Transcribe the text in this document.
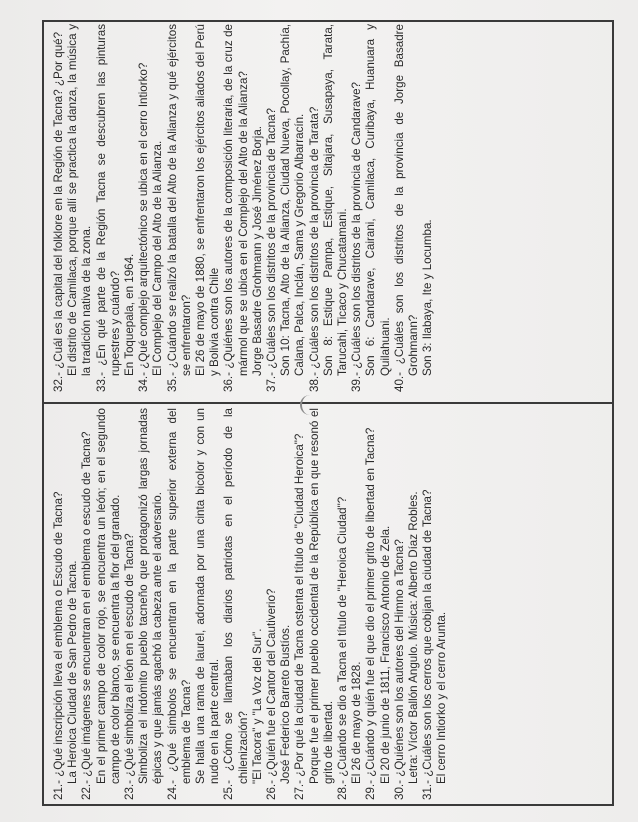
21.- ¿Qué inscripción lleva el emblema o Escudo de Tacna? La Heroica Ciudad de San Pedro de Tacna. 22.- ¿Qué imágenes se encuentran en el emblema o escudo de Tacna? En el primer campo de color rojo, se encuentra un león; en el segundo campo de color blanco, se encuentra la flor del granado. 23.- ¿Qué simboliza el león en el escudo de Tacna? Simboliza el indómito pueblo tacneño que protagonizó largas jornadas épicas y que jamás agachó la cabeza ante el adversario. 24.- ¿Qué símbolos se encuentran en la parte superior externa del emblema de Tacna? Se halla una rama de laurel, adornada por una cinta bicolor y con un nudo en la parte central. 25.- ¿Cómo se llamaban los diarios patriotas en el período de la chilenización? "El Tacora" y "La Voz del Sur". 26.- ¿Quién fue el Cantor del Cautiverio? José Federico Barreto Bustíos. 27.- ¿Por qué la ciudad de Tacna ostenta el título de "Ciudad Heroica"? Porque fue el primer pueblo occidental de la República en que resonó el grito de libertad. 28.- ¿Cuándo se dio a Tacna el título de "Heroica Ciudad"? El 26 de mayo de 1828. 29.- ¿Cuándo y quién fue el que dio el primer grito de libertad en Tacna? El 20 de junio de 1811, Francisco Antonio de Zela. 30.- ¿Quiénes son los autores del Himno a Tacna? Letra: Víctor Ballón Angulo. Música: Alberto Díaz Robles. 31.- ¿Cuáles son los cerros que cobijan la ciudad de Tacna? El cerro Intiorko y el cerro Arunta.
32.- ¿Cuál es la capital del folklore en la Región de Tacna? ¿Por qué? El distrito de Camilaca, porque allí se practica la danza, la música y la tradición nativa de la zona. 33.- ¿En qué parte de la Región Tacna se descubren las pinturas rupestres y cuándo? En Toquepala, en 1964. 34.- ¿Qué complejo arquitectónico se ubica en el cerro Intiorko? El Complejo del Campo del Alto de la Alianza. 35.- ¿Cuándo se realizó la batalla del Alto de la Alianza y qué ejércitos se enfrentaron? El 26 de mayo de 1880, se enfrentaron los ejércitos aliados del Perú y Bolivia contra Chile 36.- ¿Quiénes son los autores de la composición literaria, de la cruz de mármol que se ubica en el Complejo del Alto de la Alianza? Jorge Basadre Grohmann y José Jiménez Borja. 37.- ¿Cuáles son los distritos de la provincia de Tacna? Son 10: Tacna, Alto de la Alianza, Ciudad Nueva, Pocollay, Pachía, Calana, Palca, Inclán, Sama y Gregorio Albarracín. 38.- ¿Cuáles son los distritos de la provincia de Tarata? Son 8: Estique Pampa, Estique, Sitajara, Susapaya, Tarata, Tarucahi, Ticaco y Chucatamani. 39.- ¿Cuáles son los distritos de la provincia de Candarave? Son 6: Candarave, Cairani, Camilaca, Curibaya, Huanuara y Quilahuani. 40.- ¿Cuáles son los distritos de la provincia de Jorge Basadre Grohmann? Son 3: Ilabaya, Ite y Locumba.
